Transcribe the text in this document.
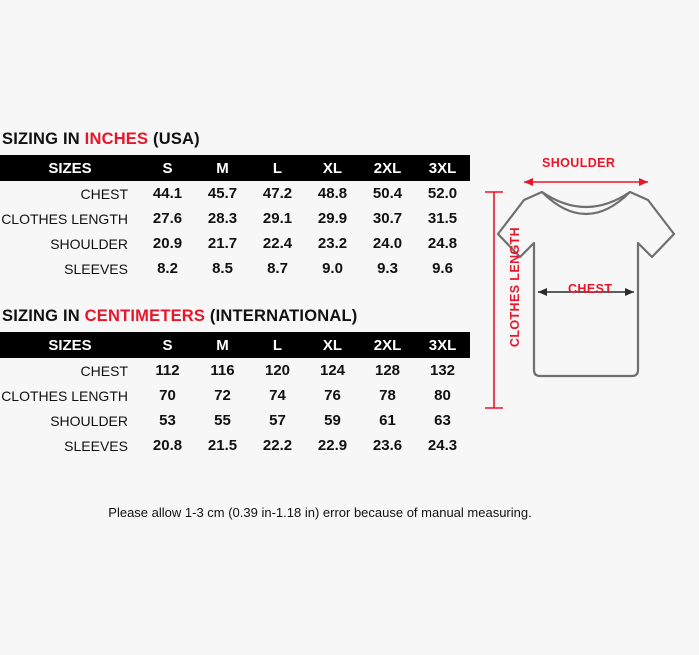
SIZING IN INCHES (USA)
SIZES	S	M	L	XL	2XL	3XL
CHEST	44.1	45.7	47.2	48.8	50.4	52.0
CLOTHES LENGTH	27.6	28.3	29.1	29.9	30.7	31.5
SHOULDER	20.9	21.7	22.4	23.2	24.0	24.8
SLEEVES	8.2	8.5	8.7	9.0	9.3	9.6
SIZING IN CENTIMETERS (INTERNATIONAL)
SIZES	S	M	L	XL	2XL	3XL
CHEST	112	116	120	124	128	132
CLOTHES LENGTH	70	72	74	76	78	80
SHOULDER	53	55	57	59	61	63
SLEEVES	20.8	21.5	22.2	22.9	23.6	24.3
Please allow 1-3 cm (0.39 in-1.18 in) error because of manual measuring.
SHOULDER
CHEST
CLOTHES LENGTH
